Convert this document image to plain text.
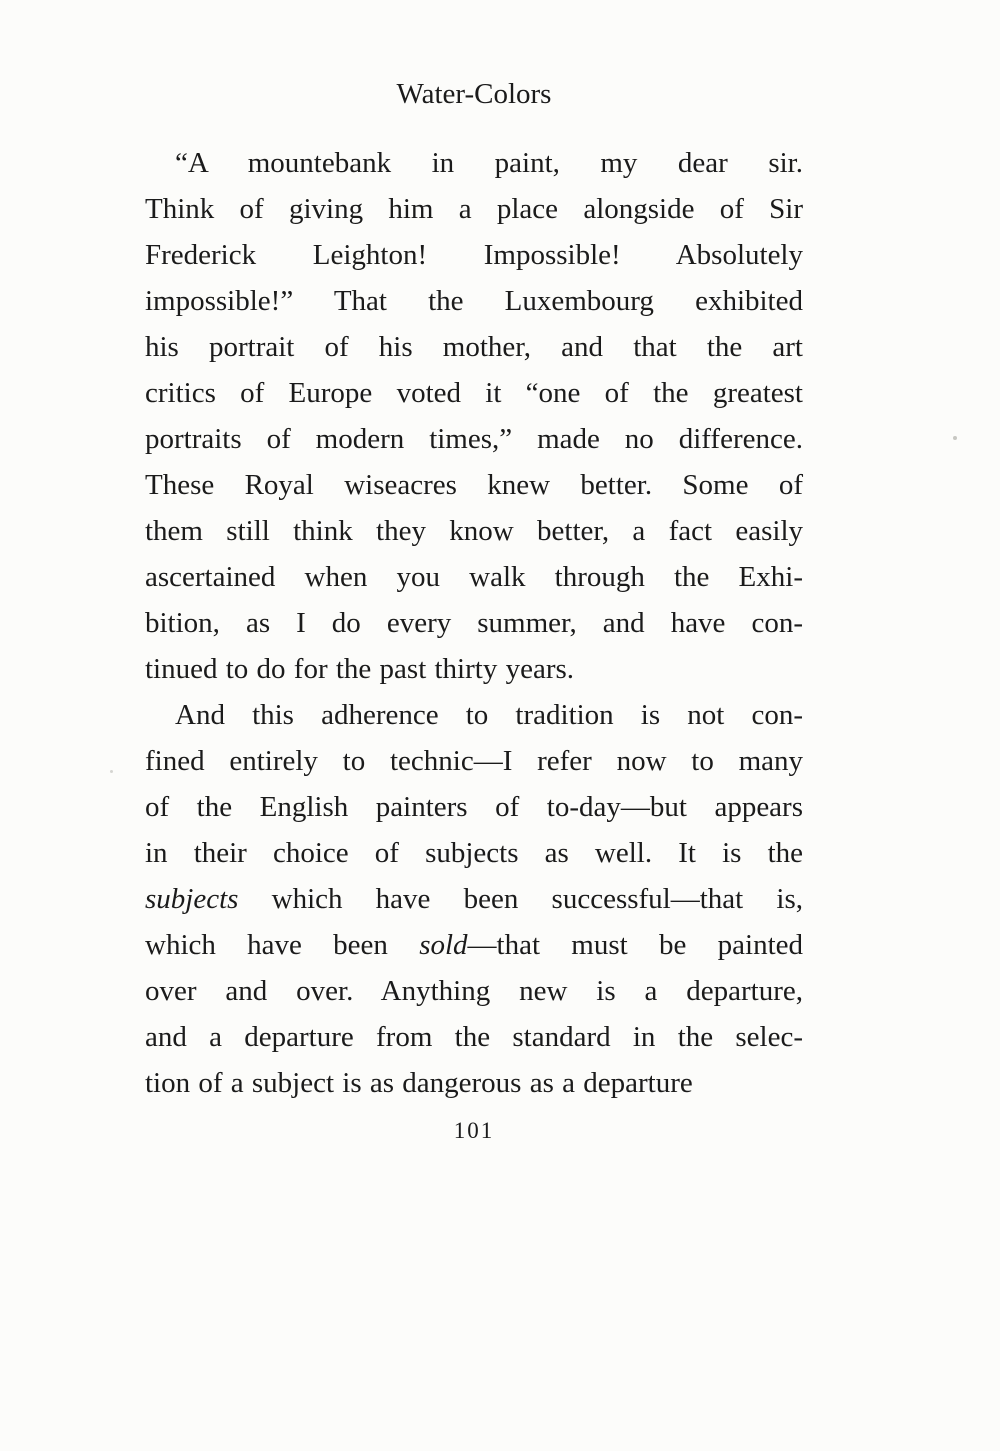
Water-Colors
“A mountebank in paint, my dear sir.
Think of giving him a place alongside of Sir
Frederick Leighton! Impossible! Absolutely
impossible!” That the Luxembourg exhibited
his portrait of his mother, and that the art
critics of Europe voted it “one of the greatest
portraits of modern times,” made no difference.
These Royal wiseacres knew better. Some of
them still think they know better, a fact easily
ascertained when you walk through the Exhi-
bition, as I do every summer, and have con-
tinued to do for the past thirty years.
And this adherence to tradition is not con-
fined entirely to technic—I refer now to many
of the English painters of to-day—but appears
in their choice of subjects as well. It is the
subjects which have been successful—that is,
which have been sold—that must be painted
over and over. Anything new is a departure,
and a departure from the standard in the selec-
tion of a subject is as dangerous as a departure
101
